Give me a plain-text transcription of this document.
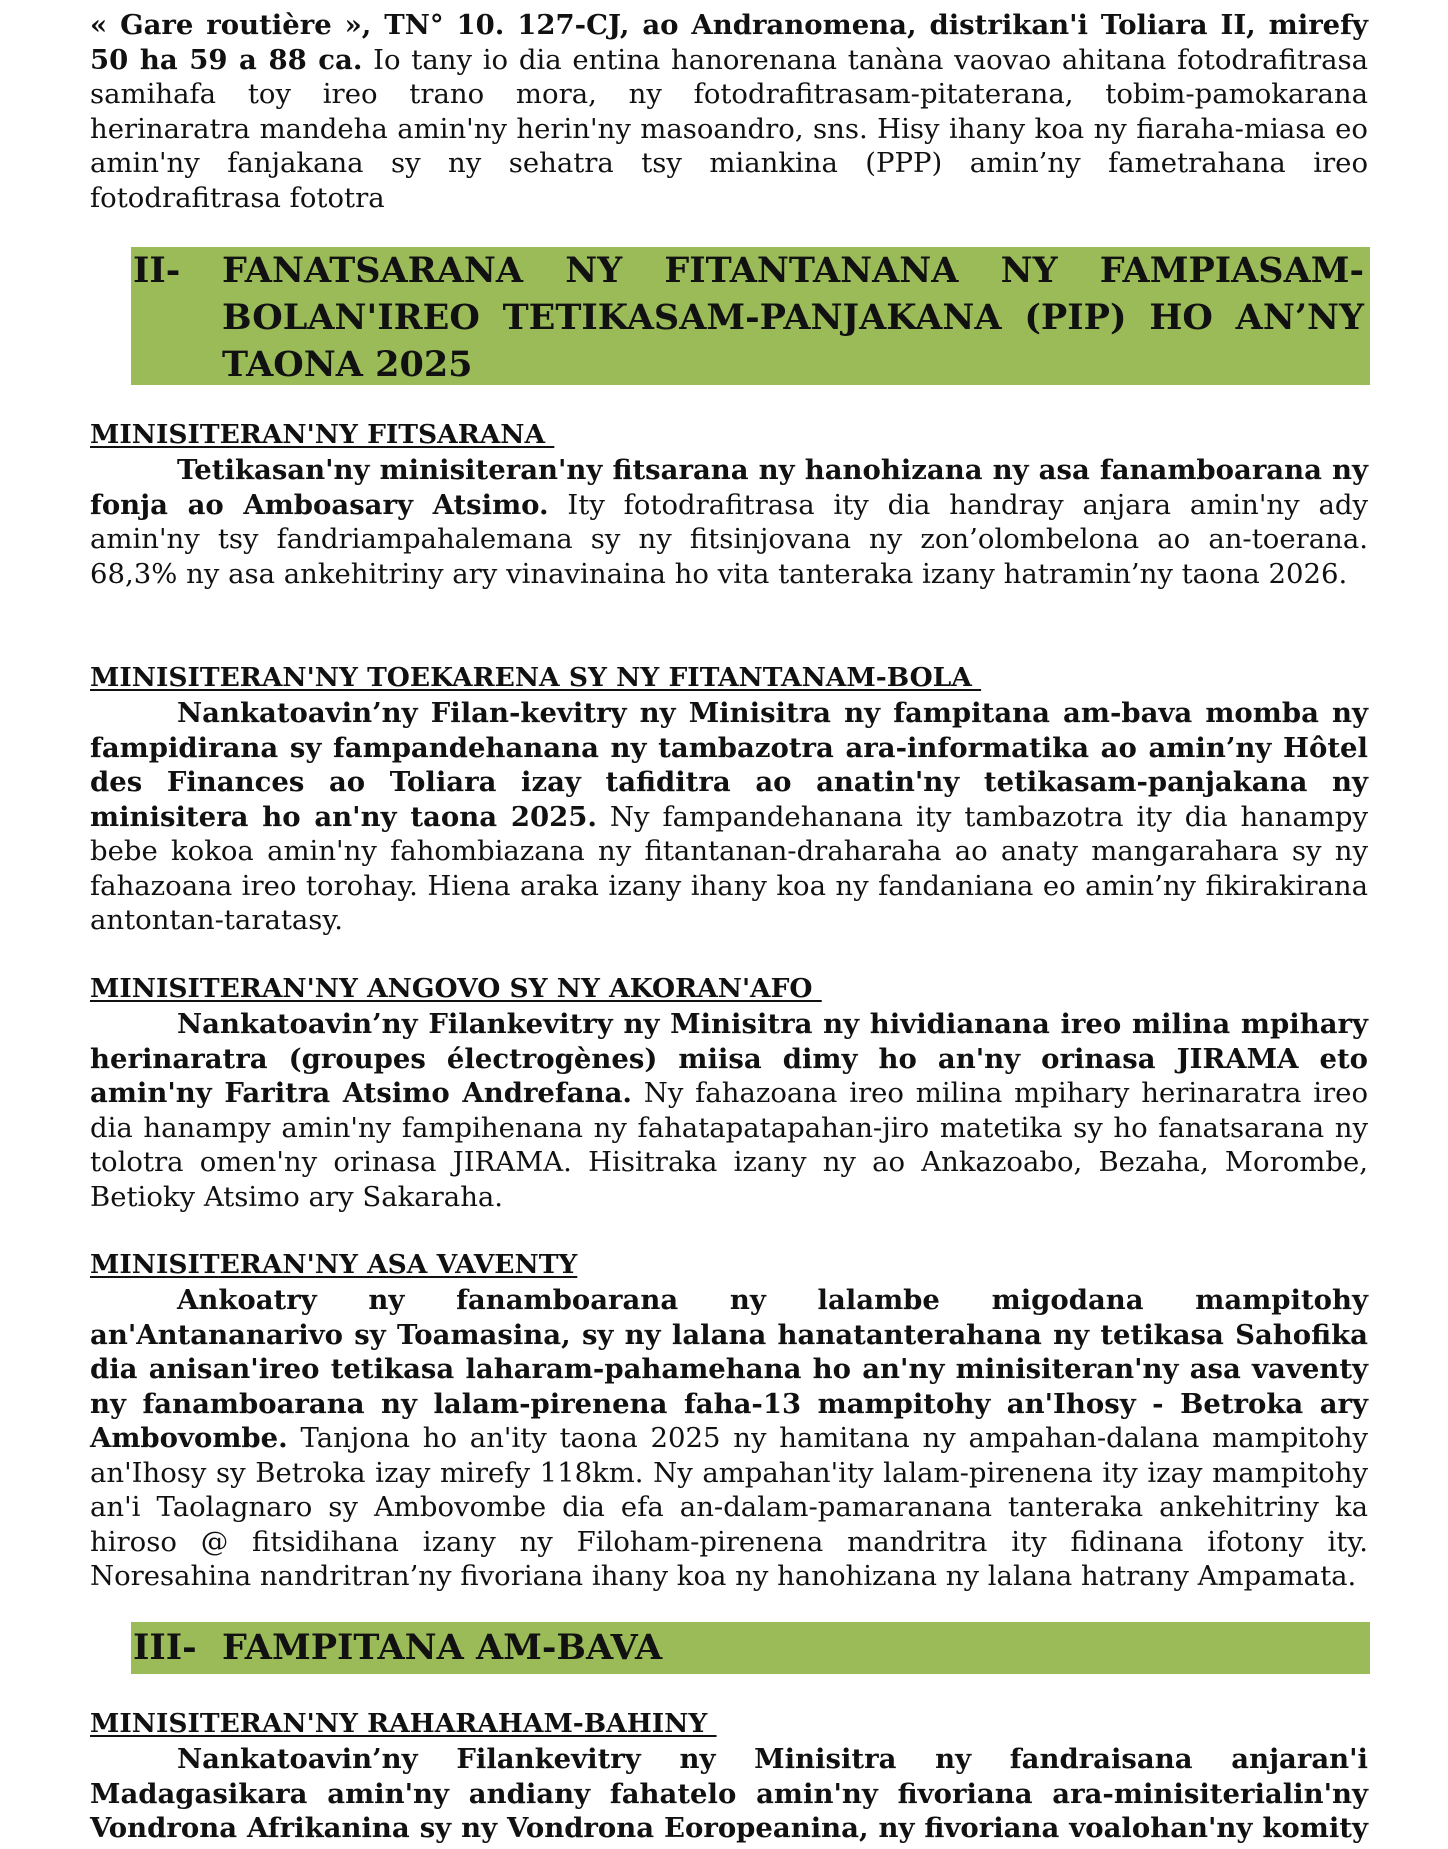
« Gare routière », TN° 10. 127-CJ, ao Andranomena, distrikan'i Toliara II, mirefy 50 ha 59 a 88 ca. Io tany io dia entina hanorenana tanàna vaovao ahitana fotodrafitrasa samihafa toy ireo trano mora, ny fotodrafitrasam-pitaterana, tobim-pamokarana herinaratra mandeha amin'ny herin'ny masoandro, sns. Hisy ihany koa ny fiaraha-miasa eo amin'ny fanjakana sy ny sehatra tsy miankina (PPP) amin’ny fametrahana ireo fotodrafitrasa fototra

II- FANATSARANA NY FITANTANANA NY FAMPIASAM-BOLAN'IREO TETIKASAM-PANJAKANA (PIP) HO AN’NY TAONA 2025
MINISITERAN'NY FITSARANA

Tetikasan'ny minisiteran'ny fitsarana ny hanohizana ny asa fanamboarana ny fonja ao Amboasary Atsimo. Ity fotodrafitrasa ity dia handray anjara amin'ny ady amin'ny tsy fandriampahalemana sy ny fitsinjovana ny zon’olombelona ao an-toerana. 68,3% ny asa ankehitriny ary vinavinaina ho vita tanteraka izany hatramin’ny taona 2026.

MINISITERAN'NY TOEKARENA SY NY FITANTANAM-BOLA

Nankatoavin’ny Filan-kevitry ny Minisitra ny fampitana am-bava momba ny fampidirana sy fampandehanana ny tambazotra ara-informatika ao amin’ny Hôtel des Finances ao Toliara izay tafiditra ao anatin'ny tetikasam-panjakana ny minisitera ho an'ny taona 2025. Ny fampandehanana ity tambazotra ity dia hanampy bebe kokoa amin'ny fahombiazana ny fitantanan-draharaha ao anaty mangarahara sy ny fahazoana ireo torohay. Hiena araka izany ihany koa ny fandaniana eo amin’ny fikirakirana antontan-taratasy.

MINISITERAN'NY ANGOVO SY NY AKORAN'AFO

Nankatoavin’ny Filankevitry ny Minisitra ny hividianana ireo milina mpihary herinaratra (groupes électrogènes) miisa dimy ho an'ny orinasa JIRAMA eto amin'ny Faritra Atsimo Andrefana. Ny fahazoana ireo milina mpihary herinaratra ireo dia hanampy amin'ny fampihenana ny fahatapatapahan-jiro matetika sy ho fanatsarana ny tolotra omen'ny orinasa JIRAMA. Hisitraka izany ny ao Ankazoabo, Bezaha, Morombe, Betioky Atsimo ary Sakaraha.

MINISITERAN'NY ASA VAVENTY

Ankoatry ny fanamboarana ny lalambe migodana mampitohy an'Antananarivo sy Toamasina, sy ny lalana hanatanterahana ny tetikasa Sahofika dia anisan'ireo tetikasa laharam-pahamehana ho an'ny minisiteran'ny asa vaventy ny fanamboarana ny lalam-pirenena faha-13 mampitohy an'Ihosy - Betroka ary Ambovombe. Tanjona ho an'ity taona 2025 ny hamitana ny ampahan-dalana mampitohy an'Ihosy sy Betroka izay mirefy 118km. Ny ampahan'ity lalam-pirenena ity izay mampitohy an'i Taolagnaro sy Ambovombe dia efa an-dalam-pamaranana tanteraka ankehitriny ka hiroso @ fitsidihana izany ny Filoham-pirenena mandritra ity fidinana ifotony ity. Noresahina nandritran’ny fivoriana ihany koa ny hanohizana ny lalana hatrany Ampamata.

III- FAMPITANA AM-BAVA
MINISITERAN'NY RAHARAHAM-BAHINY

Nankatoavin’ny Filankevitry ny Minisitra ny fandraisana anjaran'i Madagasikara amin'ny andiany fahatelo amin'ny fivoriana ara-minisiterialin'ny Vondrona Afrikanina sy ny Vondrona Eoropeanina, ny fivoriana voalohan'ny komity
